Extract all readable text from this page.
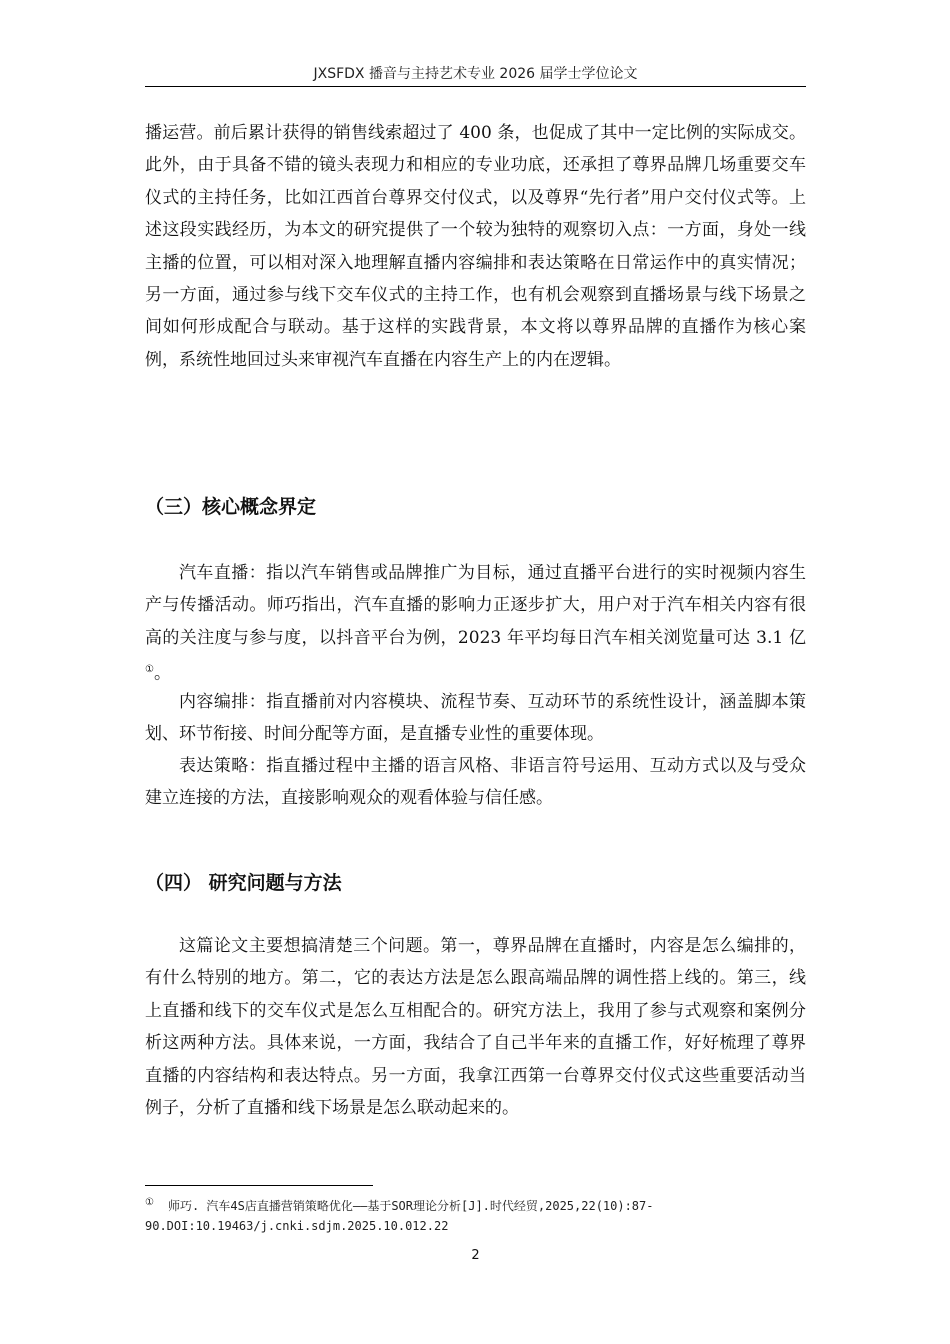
JXSFDX 播音与主持艺术专业 2026 届学士学位论文

播运营。前后累计获得的销售线索超过了 400 条，也促成了其中一定比例的实际成交。此外，由于具备不错的镜头表现力和相应的专业功底，还承担了尊界品牌几场重要交车仪式的主持任务，比如江西首台尊界交付仪式，以及尊界“先行者”用户交付仪式等。上述这段实践经历，为本文的研究提供了一个较为独特的观察切入点：一方面，身处一线主播的位置，可以相对深入地理解直播内容编排和表达策略在日常运作中的真实情况；另一方面，通过参与线下交车仪式的主持工作，也有机会观察到直播场景与线下场景之间如何形成配合与联动。基于这样的实践背景，本文将以尊界品牌的直播作为核心案例，系统性地回过头来审视汽车直播在内容生产上的内在逻辑。

（三）核心概念界定

汽车直播：指以汽车销售或品牌推广为目标，通过直播平台进行的实时视频内容生产与传播活动。师巧指出，汽车直播的影响力正逐步扩大，用户对于汽车相关内容有很高的关注度与参与度，以抖音平台为例，2023 年平均每日汽车相关浏览量可达 3.1 亿①。

内容编排：指直播前对内容模块、流程节奏、互动环节的系统性设计，涵盖脚本策划、环节衔接、时间分配等方面，是直播专业性的重要体现。

表达策略：指直播过程中主播的语言风格、非语言符号运用、互动方式以及与受众建立连接的方法，直接影响观众的观看体验与信任感。

（四） 研究问题与方法

这篇论文主要想搞清楚三个问题。第一，尊界品牌在直播时，内容是怎么编排的，有什么特别的地方。第二，它的表达方法是怎么跟高端品牌的调性搭上线的。第三，线上直播和线下的交车仪式是怎么互相配合的。研究方法上，我用了参与式观察和案例分析这两种方法。具体来说，一方面，我结合了自己半年来的直播工作，好好梳理了尊界直播的内容结构和表达特点。另一方面，我拿江西第一台尊界交付仪式这些重要活动当例子，分析了直播和线下场景是怎么联动起来的。

① 师巧. 汽车4S店直播营销策略优化——基于SOR理论分析[J].时代经贸,2025,22(10):87-90.DOI:10.19463/j.cnki.sdjm.2025.10.012.22

2
